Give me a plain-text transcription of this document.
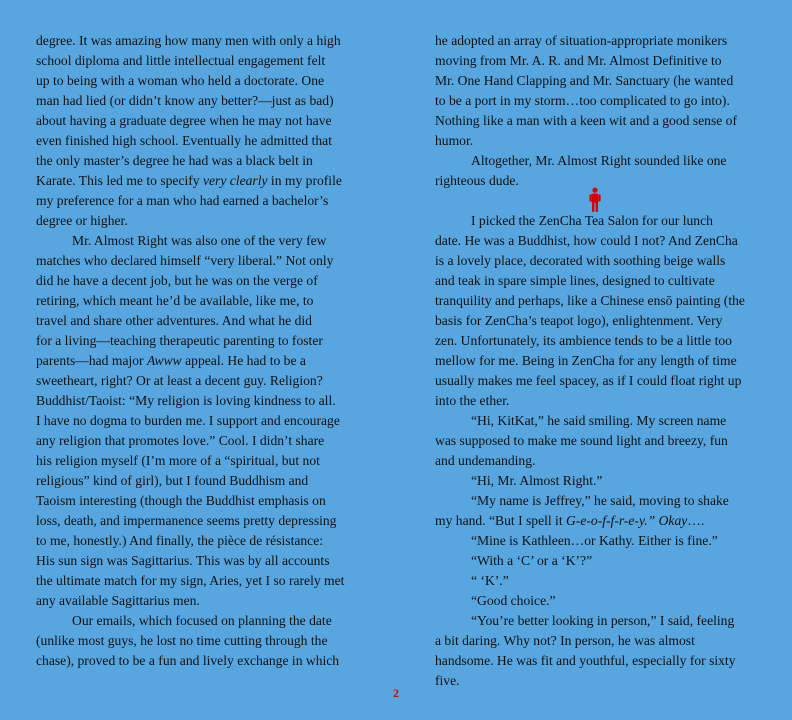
degree. It was amazing how many men with only a high
school diploma and little intellectual engagement felt
up to being with a woman who held a doctorate. One
man had lied (or didn’t know any better?—just as bad)
about having a graduate degree when he may not have
even finished high school. Eventually he admitted that
the only master’s degree he had was a black belt in
Karate. This led me to specify very clearly in my profile
my preference for a man who had earned a bachelor’s
degree or higher.
Mr. Almost Right was also one of the very few
matches who declared himself “very liberal.” Not only
did he have a decent job, but he was on the verge of
retiring, which meant he’d be available, like me, to
travel and share other adventures. And what he did
for a living—teaching therapeutic parenting to foster
parents—had major Awww appeal. He had to be a
sweetheart, right? Or at least a decent guy. Religion?
Buddhist/Taoist: “My religion is loving kindness to all.
I have no dogma to burden me. I support and encourage
any religion that promotes love.” Cool. I didn’t share
his religion myself (I’m more of a “spiritual, but not
religious” kind of girl), but I found Buddhism and
Taoism interesting (though the Buddhist emphasis on
loss, death, and impermanence seems pretty depressing
to me, honestly.) And finally, the pièce de résistance:
His sun sign was Sagittarius. This was by all accounts
the ultimate match for my sign, Aries, yet I so rarely met
any available Sagittarius men.
Our emails, which focused on planning the date
(unlike most guys, he lost no time cutting through the
chase), proved to be a fun and lively exchange in which
he adopted an array of situation-appropriate monikers
moving from Mr. A. R. and Mr. Almost Definitive to
Mr. One Hand Clapping and Mr. Sanctuary (he wanted
to be a port in my storm…too complicated to go into).
Nothing like a man with a keen wit and a good sense of
humor.
Altogether, Mr. Almost Right sounded like one
righteous dude.
I picked the ZenCha Tea Salon for our lunch
date. He was a Buddhist, how could I not? And ZenCha
is a lovely place, decorated with soothing beige walls
and teak in spare simple lines, designed to cultivate
tranquility and perhaps, like a Chinese ensō painting (the
basis for ZenCha’s teapot logo), enlightenment. Very
zen. Unfortunately, its ambience tends to be a little too
mellow for me. Being in ZenCha for any length of time
usually makes me feel spacey, as if I could float right up
into the ether.
“Hi, KitKat,” he said smiling. My screen name
was supposed to make me sound light and breezy, fun
and undemanding.
“Hi, Mr. Almost Right.”
“My name is Jeffrey,” he said, moving to shake
my hand. “But I spell it G-e-o-f-f-r-e-y.” Okay….
“Mine is Kathleen…or Kathy. Either is fine.”
“With a ‘C’ or a ‘K’?”
“ ‘K’.”
“Good choice.”
“You’re better looking in person,” I said, feeling
a bit daring. Why not? In person, he was almost
handsome. He was fit and youthful, especially for sixty
five.
2
